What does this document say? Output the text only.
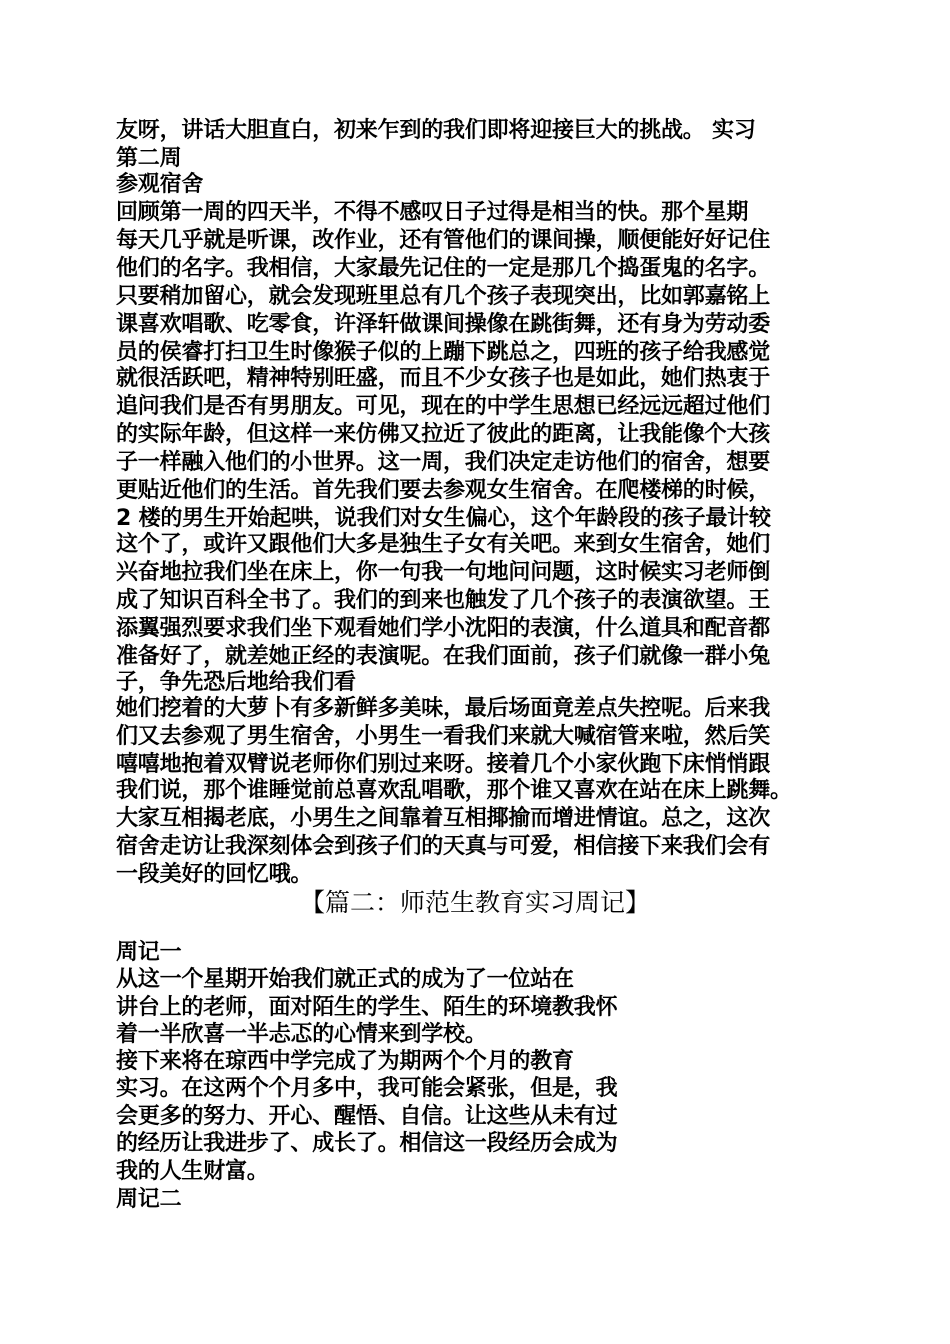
友呀，讲话大胆直白，初来乍到的我们即将迎接巨大的挑战。 实习
第二周
参观宿舍
回顾第一周的四天半，不得不感叹日子过得是相当的快。那个星期
每天几乎就是听课，改作业，还有管他们的课间操，顺便能好好记住
他们的名字。我相信，大家最先记住的一定是那几个捣蛋鬼的名字。
只要稍加留心，就会发现班里总有几个孩子表现突出，比如郭嘉铭上
课喜欢唱歌、吃零食，许泽轩做课间操像在跳街舞，还有身为劳动委
员的侯睿打扫卫生时像猴子似的上蹦下跳总之，四班的孩子给我感觉
就很活跃吧，精神特别旺盛，而且不少女孩子也是如此，她们热衷于
追问我们是否有男朋友。可见，现在的中学生思想已经远远超过他们
的实际年龄，但这样一来仿佛又拉近了彼此的距离，让我能像个大孩
子一样融入他们的小世界。这一周，我们决定走访他们的宿舍，想要
更贴近他们的生活。首先我们要去参观女生宿舍。在爬楼梯的时候，
2 楼的男生开始起哄，说我们对女生偏心，这个年龄段的孩子最计较
这个了，或许又跟他们大多是独生子女有关吧。来到女生宿舍，她们
兴奋地拉我们坐在床上，你一句我一句地问问题，这时候实习老师倒
成了知识百科全书了。我们的到来也触发了几个孩子的表演欲望。王
添翼强烈要求我们坐下观看她们学小沈阳的表演，什么道具和配音都
准备好了，就差她正经的表演呢。在我们面前，孩子们就像一群小兔
子，争先恐后地给我们看
她们挖着的大萝卜有多新鲜多美味，最后场面竟差点失控呢。后来我
们又去参观了男生宿舍，小男生一看我们来就大喊宿管来啦，然后笑
嘻嘻地抱着双臂说老师你们别过来呀。接着几个小家伙跑下床悄悄跟
我们说，那个谁睡觉前总喜欢乱唱歌，那个谁又喜欢在站在床上跳舞。
大家互相揭老底，小男生之间靠着互相揶揄而增进情谊。总之，这次
宿舍走访让我深刻体会到孩子们的天真与可爱，相信接下来我们会有
一段美好的回忆哦。
【篇二：师范生教育实习周记】
周记一
从这一个星期开始我们就正式的成为了一位站在
讲台上的老师，面对陌生的学生、陌生的环境教我怀
着一半欣喜一半忐忑的心情来到学校。
接下来将在琼西中学完成了为期两个个月的教育
实习。在这两个个月多中，我可能会紧张，但是，我
会更多的努力、开心、醒悟、自信。让这些从未有过
的经历让我进步了、成长了。相信这一段经历会成为
我的人生财富。
周记二
